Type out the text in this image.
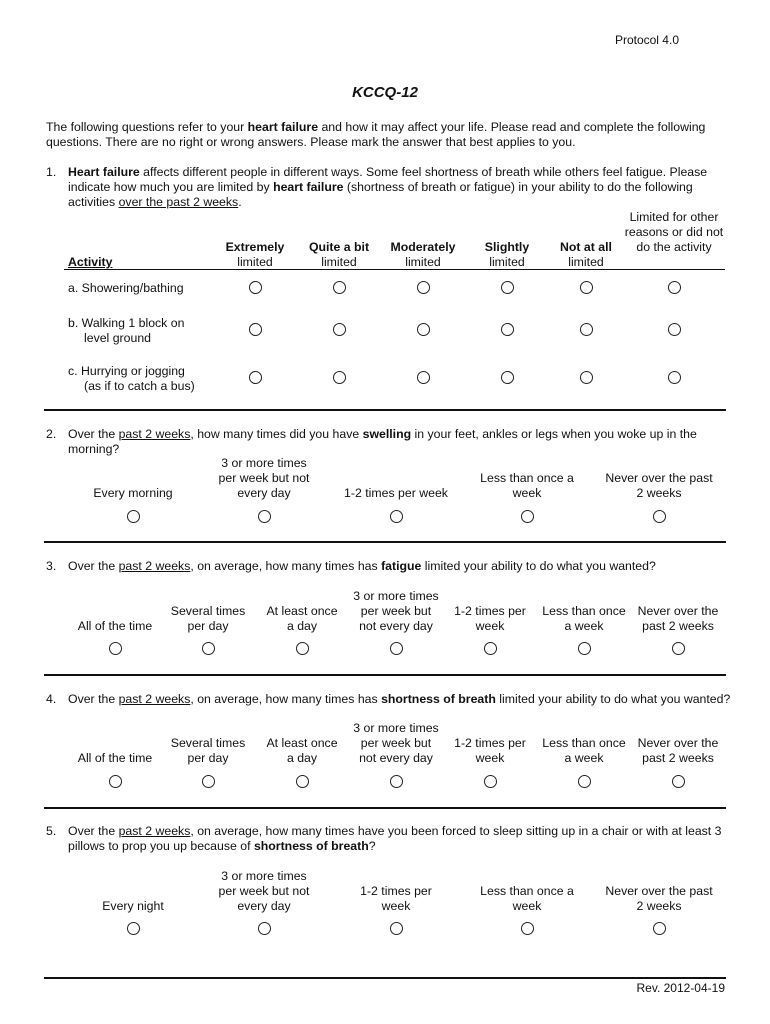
Protocol 4.0
KCCQ-12
The following questions refer to your heart failure and how it may affect your life. Please read and complete the following questions. There are no right or wrong answers. Please mark the answer that best applies to you.
1. Heart failure affects different people in different ways. Some feel shortness of breath while others feel fatigue. Please indicate how much you are limited by heart failure (shortness of breath or fatigue) in your ability to do the following activities over the past 2 weeks.
Activity
Extremely
limited
Quite a bit
limited
Moderately
limited
Slightly
limited
Not at all
limited
Limited for other reasons or did not do the activity
a. Showering/bathing
b. Walking 1 block on
level ground
c. Hurrying or jogging
(as if to catch a bus)
2. Over the past 2 weeks, how many times did you have swelling in your feet, ankles or legs when you woke up in the morning?
Every morning
3 or more times per week but not every day	1-2 times per week
Less than once a week
Never over the past 2 weeks
3. Over the past 2 weeks, on average, how many times has fatigue limited your ability to do what you wanted?
All of the time
Several times per day
At least once a day
3 or more times per week but not every day
1-2 times per week
Less than once a week
Never over the past 2 weeks
4. Over the past 2 weeks, on average, how many times has shortness of breath limited your ability to do what you wanted?
All of the time
Several times per day
At least once a day
3 or more times per week but not every day
1-2 times per week
Less than once a week
Never over the past 2 weeks
5. Over the past 2 weeks, on average, how many times have you been forced to sleep sitting up in a chair or with at least 3 pillows to prop you up because of shortness of breath?
Every night
3 or more times per week but not every day
1-2 times per week
Less than once a week
Never over the past 2 weeks
Rev. 2012-04-19
